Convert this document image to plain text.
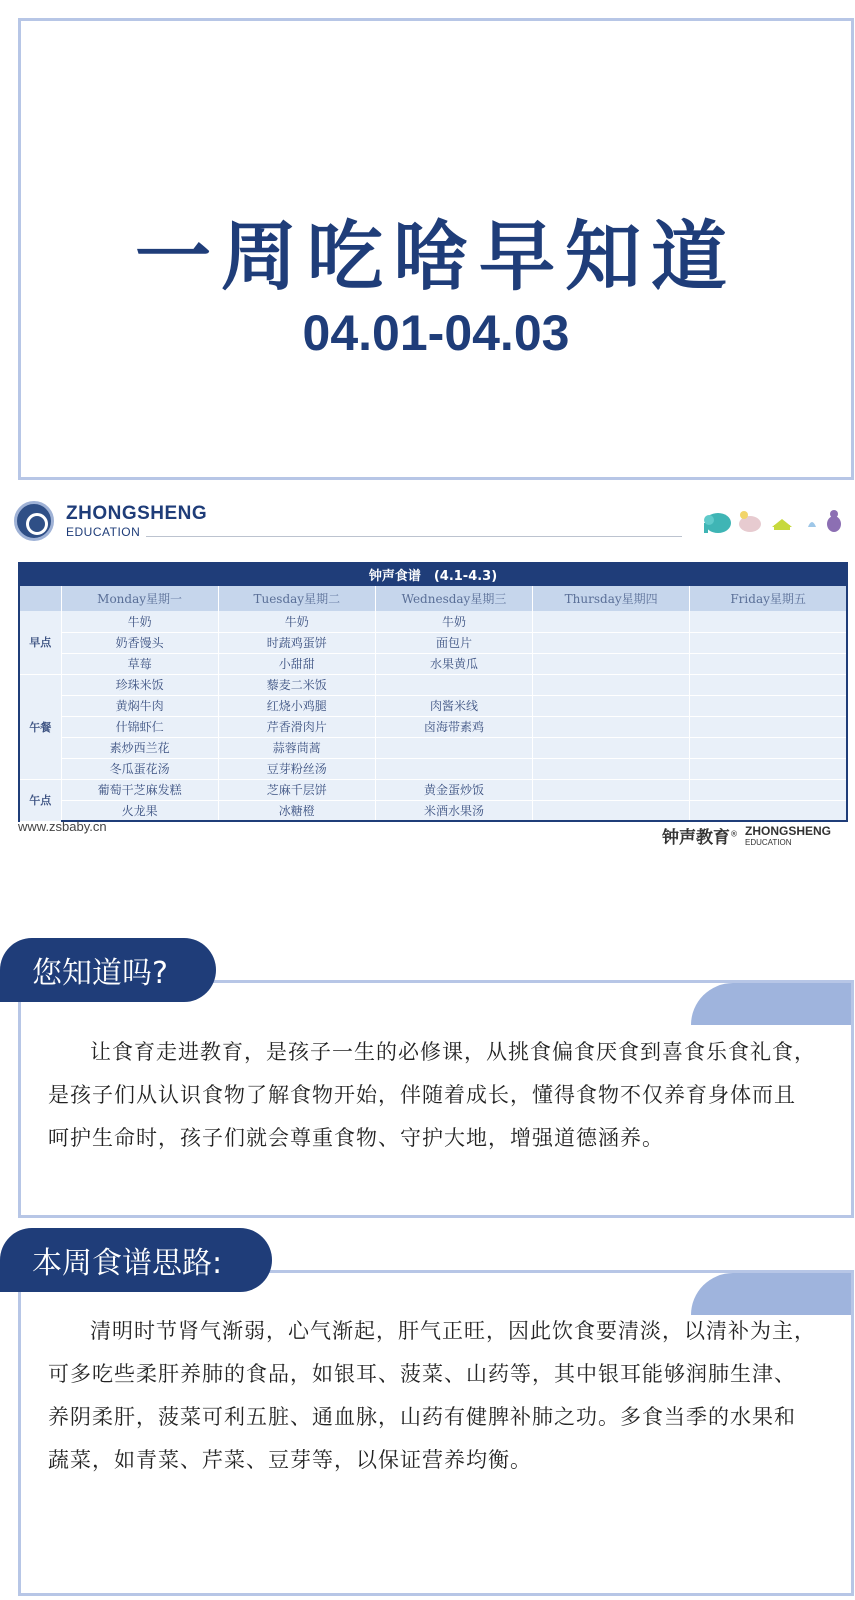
一周吃啥早知道
04.01-04.03
ZHONGSHENG
EDUCATION
钟声食谱　(4.1-4.3)					
	Monday星期一	Tuesday星期二	Wednesday星期三	Thursday星期四	Friday星期五
早点	牛奶	牛奶	牛奶		
	奶香馒头	时蔬鸡蛋饼	面包片		
	草莓	小甜甜	水果黄瓜		
午餐	珍珠米饭	藜麦二米饭			
	黄焖牛肉	红烧小鸡腿	肉酱米线		
	什锦虾仁	芹香滑肉片	卤海带素鸡		
	素炒西兰花	蒜蓉茼蒿			
	冬瓜蛋花汤	豆芽粉丝汤			
午点	葡萄干芝麻发糕	芝麻千层饼	黄金蛋炒饭		
	火龙果	冰糖橙	米酒水果汤		
www.zsbaby.cn
钟声教育® ZHONGSHENG
EDUCATION
您知道吗?
让食育走进教育，是孩子一生的必修课，从挑食偏食厌食到喜食乐食礼食，是孩子们从认识食物了解食物开始，伴随着成长，懂得食物不仅养育身体而且呵护生命时，孩子们就会尊重食物、守护大地，增强道德涵养。
本周食谱思路:
清明时节肾气渐弱，心气渐起，肝气正旺，因此饮食要清淡，以清补为主，可多吃些柔肝养肺的食品，如银耳、菠菜、山药等，其中银耳能够润肺生津、养阴柔肝，菠菜可利五脏、通血脉，山药有健脾补肺之功。多食当季的水果和蔬菜，如青菜、芹菜、豆芽等，以保证营养均衡。
